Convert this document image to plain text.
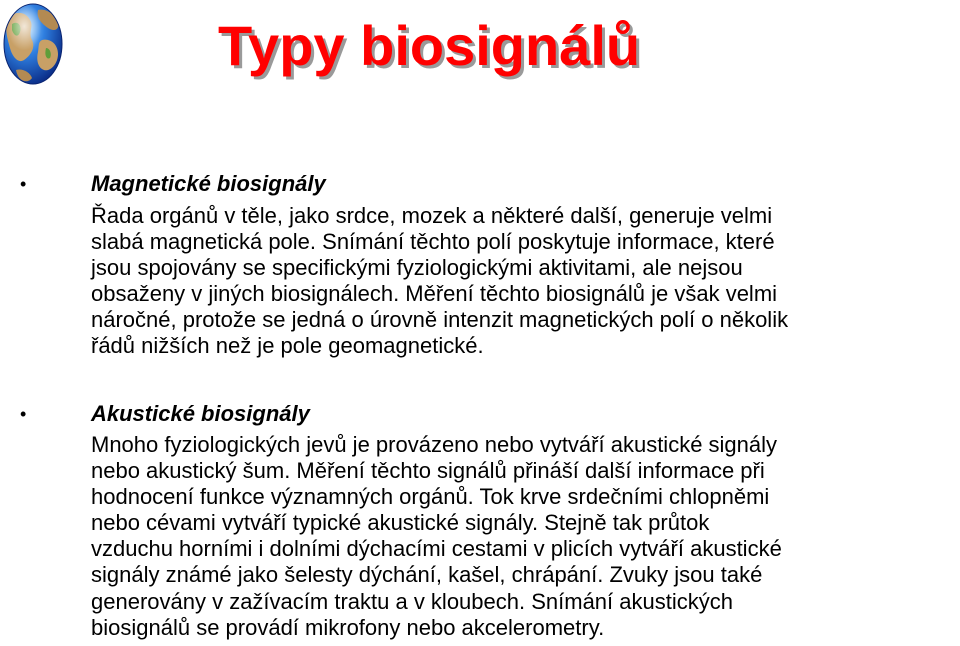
Typy biosignálů
•	Magnetické biosignály
Řada orgánů v těle, jako srdce, mozek a některé další, generuje velmi
slabá magnetická pole. Snímání těchto polí poskytuje informace, které
jsou spojovány se specifickými fyziologickými aktivitami, ale nejsou
obsaženy v jiných biosignálech. Měření těchto biosignálů je však velmi
náročné, protože se jedná o úrovně intenzit magnetických polí o několik
řádů nižších než je pole geomagnetické.
•	Akustické biosignály
Mnoho fyziologických jevů je provázeno nebo vytváří akustické signály
nebo akustický šum. Měření těchto signálů přináší další informace při
hodnocení funkce významných orgánů. Tok krve srdečními chlopněmi
nebo cévami vytváří typické akustické signály. Stejně tak průtok
vzduchu horními i dolními dýchacími cestami v plicích vytváří akustické
signály známé jako šelesty dýchání, kašel, chrápání. Zvuky jsou také
generovány v zažívacím traktu a v kloubech. Snímání akustických
biosignálů se provádí mikrofony nebo akcelerometry.
